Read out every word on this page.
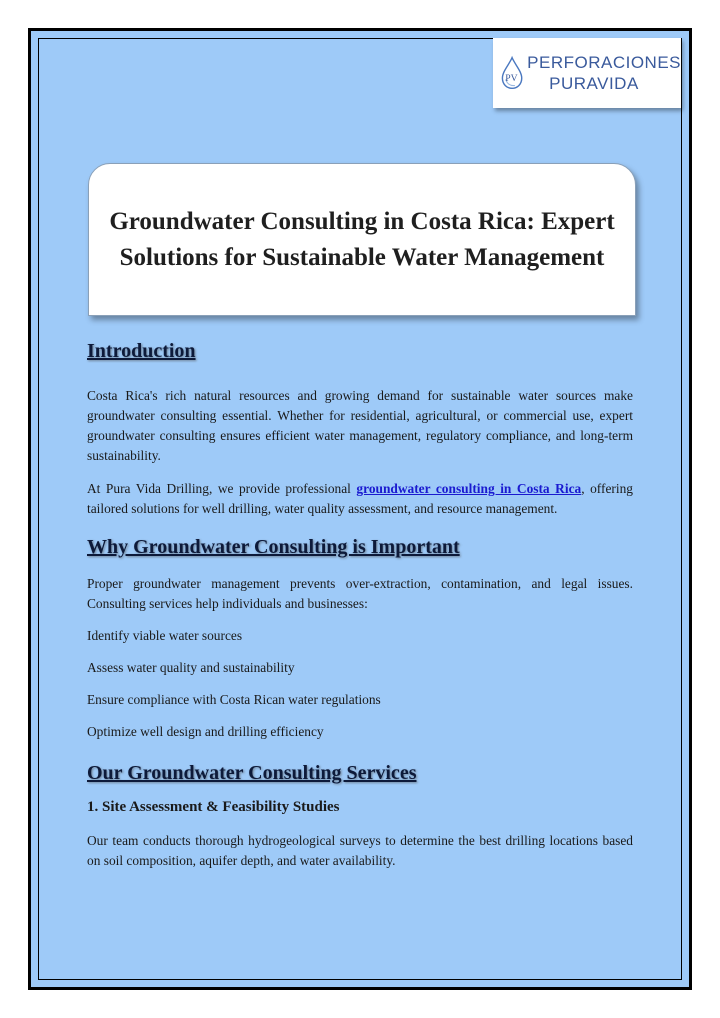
PV
PERFORACIONES
PURAVIDA
Groundwater Consulting in Costa Rica: Expert Solutions for Sustainable Water Management
Introduction

Costa Rica's rich natural resources and growing demand for sustainable water sources make groundwater consulting essential. Whether for residential, agricultural, or commercial use, expert groundwater consulting ensures efficient water management, regulatory compliance, and long-term sustainability.

At Pura Vida Drilling, we provide professional groundwater consulting in Costa Rica, offering tailored solutions for well drilling, water quality assessment, and resource management.

Why Groundwater Consulting is Important

Proper groundwater management prevents over-extraction, contamination, and legal issues. Consulting services help individuals and businesses:

Identify viable water sources

Assess water quality and sustainability

Ensure compliance with Costa Rican water regulations

Optimize well design and drilling efficiency

Our Groundwater Consulting Services
1. Site Assessment & Feasibility Studies

Our team conducts thorough hydrogeological surveys to determine the best drilling locations based on soil composition, aquifer depth, and water availability.
